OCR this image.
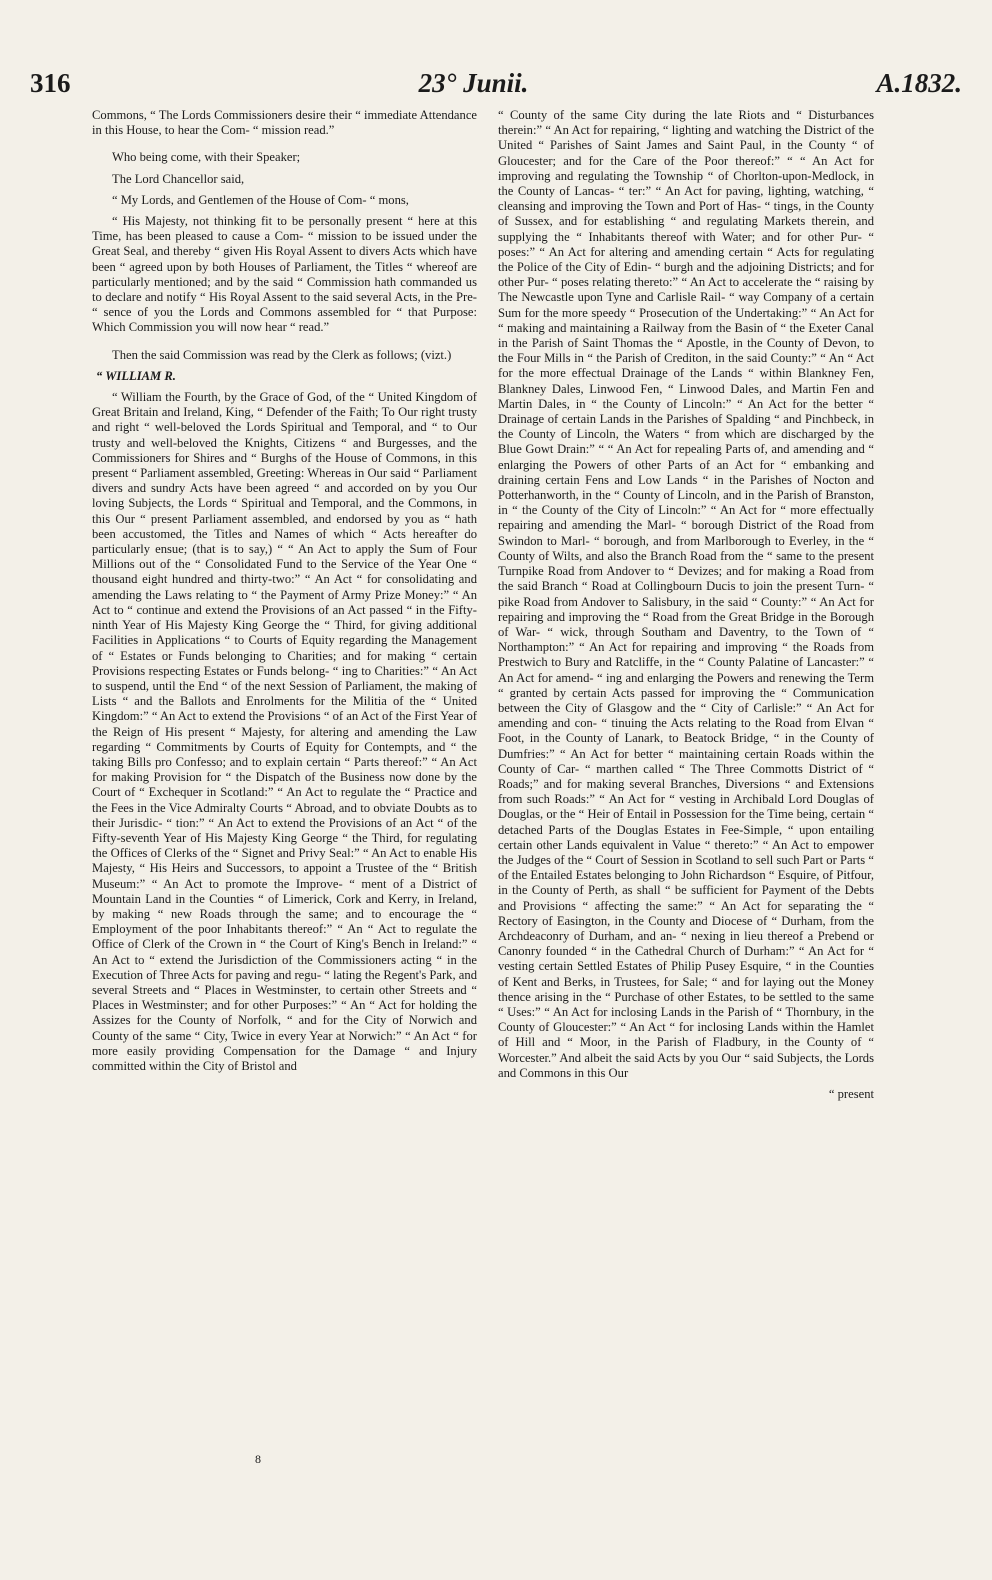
316	23° Junii.	A.1832.

Commons, “ The Lords Commissioners desire their “ immediate Attendance in this House, to hear the Com- “ mission read.”

Who being come, with their Speaker;

The Lord Chancellor said,

“ My Lords, and Gentlemen of the House of Com- “ mons,

“ His Majesty, not thinking fit to be personally present “ here at this Time, has been pleased to cause a Com- “ mission to be issued under the Great Seal, and thereby “ given His Royal Assent to divers Acts which have been “ agreed upon by both Houses of Parliament, the Titles “ whereof are particularly mentioned; and by the said “ Commission hath commanded us to declare and notify “ His Royal Assent to the said several Acts, in the Pre- “ sence of you the Lords and Commons assembled for “ that Purpose: Which Commission you will now hear “ read.”

Then the said Commission was read by the Clerk as follows; (vizt.)

“ WILLIAM R.

“ William the Fourth, by the Grace of God, of the “ United Kingdom of Great Britain and Ireland, King, “ Defender of the Faith; To Our right trusty and right “ well-beloved the Lords Spiritual and Temporal, and “ to Our trusty and well-beloved the Knights, Citizens “ and Burgesses, and the Commissioners for Shires and “ Burghs of the House of Commons, in this present “ Parliament assembled, Greeting: Whereas in Our said “ Parliament divers and sundry Acts have been agreed “ and accorded on by you Our loving Subjects, the Lords “ Spiritual and Temporal, and the Commons, in this Our “ present Parliament assembled, and endorsed by you as “ hath been accustomed, the Titles and Names of which “ Acts hereafter do particularly ensue; (that is to say,) “ “ An Act to apply the Sum of Four Millions out of the “ Consolidated Fund to the Service of the Year One “ thousand eight hundred and thirty-two:” “ An Act “ for consolidating and amending the Laws relating to “ the Payment of Army Prize Money:” “ An Act to “ continue and extend the Provisions of an Act passed “ in the Fifty-ninth Year of His Majesty King George the “ Third, for giving additional Facilities in Applications “ to Courts of Equity regarding the Management of “ Estates or Funds belonging to Charities; and for making “ certain Provisions respecting Estates or Funds belong- “ ing to Charities:” “ An Act to suspend, until the End “ of the next Session of Parliament, the making of Lists “ and the Ballots and Enrolments for the Militia of the “ United Kingdom:” “ An Act to extend the Provisions “ of an Act of the First Year of the Reign of His present “ Majesty, for altering and amending the Law regarding “ Commitments by Courts of Equity for Contempts, and “ the taking Bills pro Confesso; and to explain certain “ Parts thereof:” “ An Act for making Provision for “ the Dispatch of the Business now done by the Court of “ Exchequer in Scotland:” “ An Act to regulate the “ Practice and the Fees in the Vice Admiralty Courts “ Abroad, and to obviate Doubts as to their Jurisdic- “ tion:” “ An Act to extend the Provisions of an Act “ of the Fifty-seventh Year of His Majesty King George “ the Third, for regulating the Offices of Clerks of the “ Signet and Privy Seal:” “ An Act to enable His Majesty, “ His Heirs and Successors, to appoint a Trustee of the “ British Museum:” “ An Act to promote the Improve- “ ment of a District of Mountain Land in the Counties “ of Limerick, Cork and Kerry, in Ireland, by making “ new Roads through the same; and to encourage the “ Employment of the poor Inhabitants thereof:” “ An “ Act to regulate the Office of Clerk of the Crown in “ the Court of King's Bench in Ireland:” “ An Act to “ extend the Jurisdiction of the Commissioners acting “ in the Execution of Three Acts for paving and regu- “ lating the Regent's Park, and several Streets and “ Places in Westminster, to certain other Streets and “ Places in Westminster; and for other Purposes:” “ An “ Act for holding the Assizes for the County of Norfolk, “ and for the City of Norwich and County of the same “ City, Twice in every Year at Norwich:” “ An Act “ for more easily providing Compensation for the Damage “ and Injury committed within the City of Bristol and

“ County of the same City during the late Riots and “ Disturbances therein:” “ An Act for repairing, “ lighting and watching the District of the United “ Parishes of Saint James and Saint Paul, in the County “ of Gloucester; and for the Care of the Poor thereof:” “ “ An Act for improving and regulating the Township “ of Chorlton-upon-Medlock, in the County of Lancas- “ ter:” “ An Act for paving, lighting, watching, “ cleansing and improving the Town and Port of Has- “ tings, in the County of Sussex, and for establishing “ and regulating Markets therein, and supplying the “ Inhabitants thereof with Water; and for other Pur- “ poses:” “ An Act for altering and amending certain “ Acts for regulating the Police of the City of Edin- “ burgh and the adjoining Districts; and for other Pur- “ poses relating thereto:” “ An Act to accelerate the “ raising by The Newcastle upon Tyne and Carlisle Rail- “ way Company of a certain Sum for the more speedy “ Prosecution of the Undertaking:” “ An Act for “ making and maintaining a Railway from the Basin of “ the Exeter Canal in the Parish of Saint Thomas the “ Apostle, in the County of Devon, to the Four Mills in “ the Parish of Crediton, in the said County:” “ An “ Act for the more effectual Drainage of the Lands “ within Blankney Fen, Blankney Dales, Linwood Fen, “ Linwood Dales, and Martin Fen and Martin Dales, in “ the County of Lincoln:” “ An Act for the better “ Drainage of certain Lands in the Parishes of Spalding “ and Pinchbeck, in the County of Lincoln, the Waters “ from which are discharged by the Blue Gowt Drain:” “ “ An Act for repealing Parts of, and amending and “ enlarging the Powers of other Parts of an Act for “ embanking and draining certain Fens and Low Lands “ in the Parishes of Nocton and Potterhanworth, in the “ County of Lincoln, and in the Parish of Branston, in “ the County of the City of Lincoln:” “ An Act for “ more effectually repairing and amending the Marl- “ borough District of the Road from Swindon to Marl- “ borough, and from Marlborough to Everley, in the “ County of Wilts, and also the Branch Road from the “ same to the present Turnpike Road from Andover to “ Devizes; and for making a Road from the said Branch “ Road at Collingbourn Ducis to join the present Turn- “ pike Road from Andover to Salisbury, in the said “ County:” “ An Act for repairing and improving the “ Road from the Great Bridge in the Borough of War- “ wick, through Southam and Daventry, to the Town of “ Northampton:” “ An Act for repairing and improving “ the Roads from Prestwich to Bury and Ratcliffe, in the “ County Palatine of Lancaster:” “ An Act for amend- “ ing and enlarging the Powers and renewing the Term “ granted by certain Acts passed for improving the “ Communication between the City of Glasgow and the “ City of Carlisle:” “ An Act for amending and con- “ tinuing the Acts relating to the Road from Elvan “ Foot, in the County of Lanark, to Beatock Bridge, “ in the County of Dumfries:” “ An Act for better “ maintaining certain Roads within the County of Car- “ marthen called “ The Three Commotts District of “ Roads;” and for making several Branches, Diversions “ and Extensions from such Roads:” “ An Act for “ vesting in Archibald Lord Douglas of Douglas, or the “ Heir of Entail in Possession for the Time being, certain “ detached Parts of the Douglas Estates in Fee-Simple, “ upon entailing certain other Lands equivalent in Value “ thereto:” “ An Act to empower the Judges of the “ Court of Session in Scotland to sell such Part or Parts “ of the Entailed Estates belonging to John Richardson “ Esquire, of Pitfour, in the County of Perth, as shall “ be sufficient for Payment of the Debts and Provisions “ affecting the same:” “ An Act for separating the “ Rectory of Easington, in the County and Diocese of “ Durham, from the Archdeaconry of Durham, and an- “ nexing in lieu thereof a Prebend or Canonry founded “ in the Cathedral Church of Durham:” “ An Act for “ vesting certain Settled Estates of Philip Pusey Esquire, “ in the Counties of Kent and Berks, in Trustees, for Sale; “ and for laying out the Money thence arising in the “ Purchase of other Estates, to be settled to the same “ Uses:” “ An Act for inclosing Lands in the Parish of “ Thornbury, in the County of Gloucester:” “ An Act “ for inclosing Lands within the Hamlet of Hill and “ Moor, in the Parish of Fladbury, in the County of “ Worcester.” And albeit the said Acts by you Our “ said Subjects, the Lords and Commons in this Our

“ present

8
